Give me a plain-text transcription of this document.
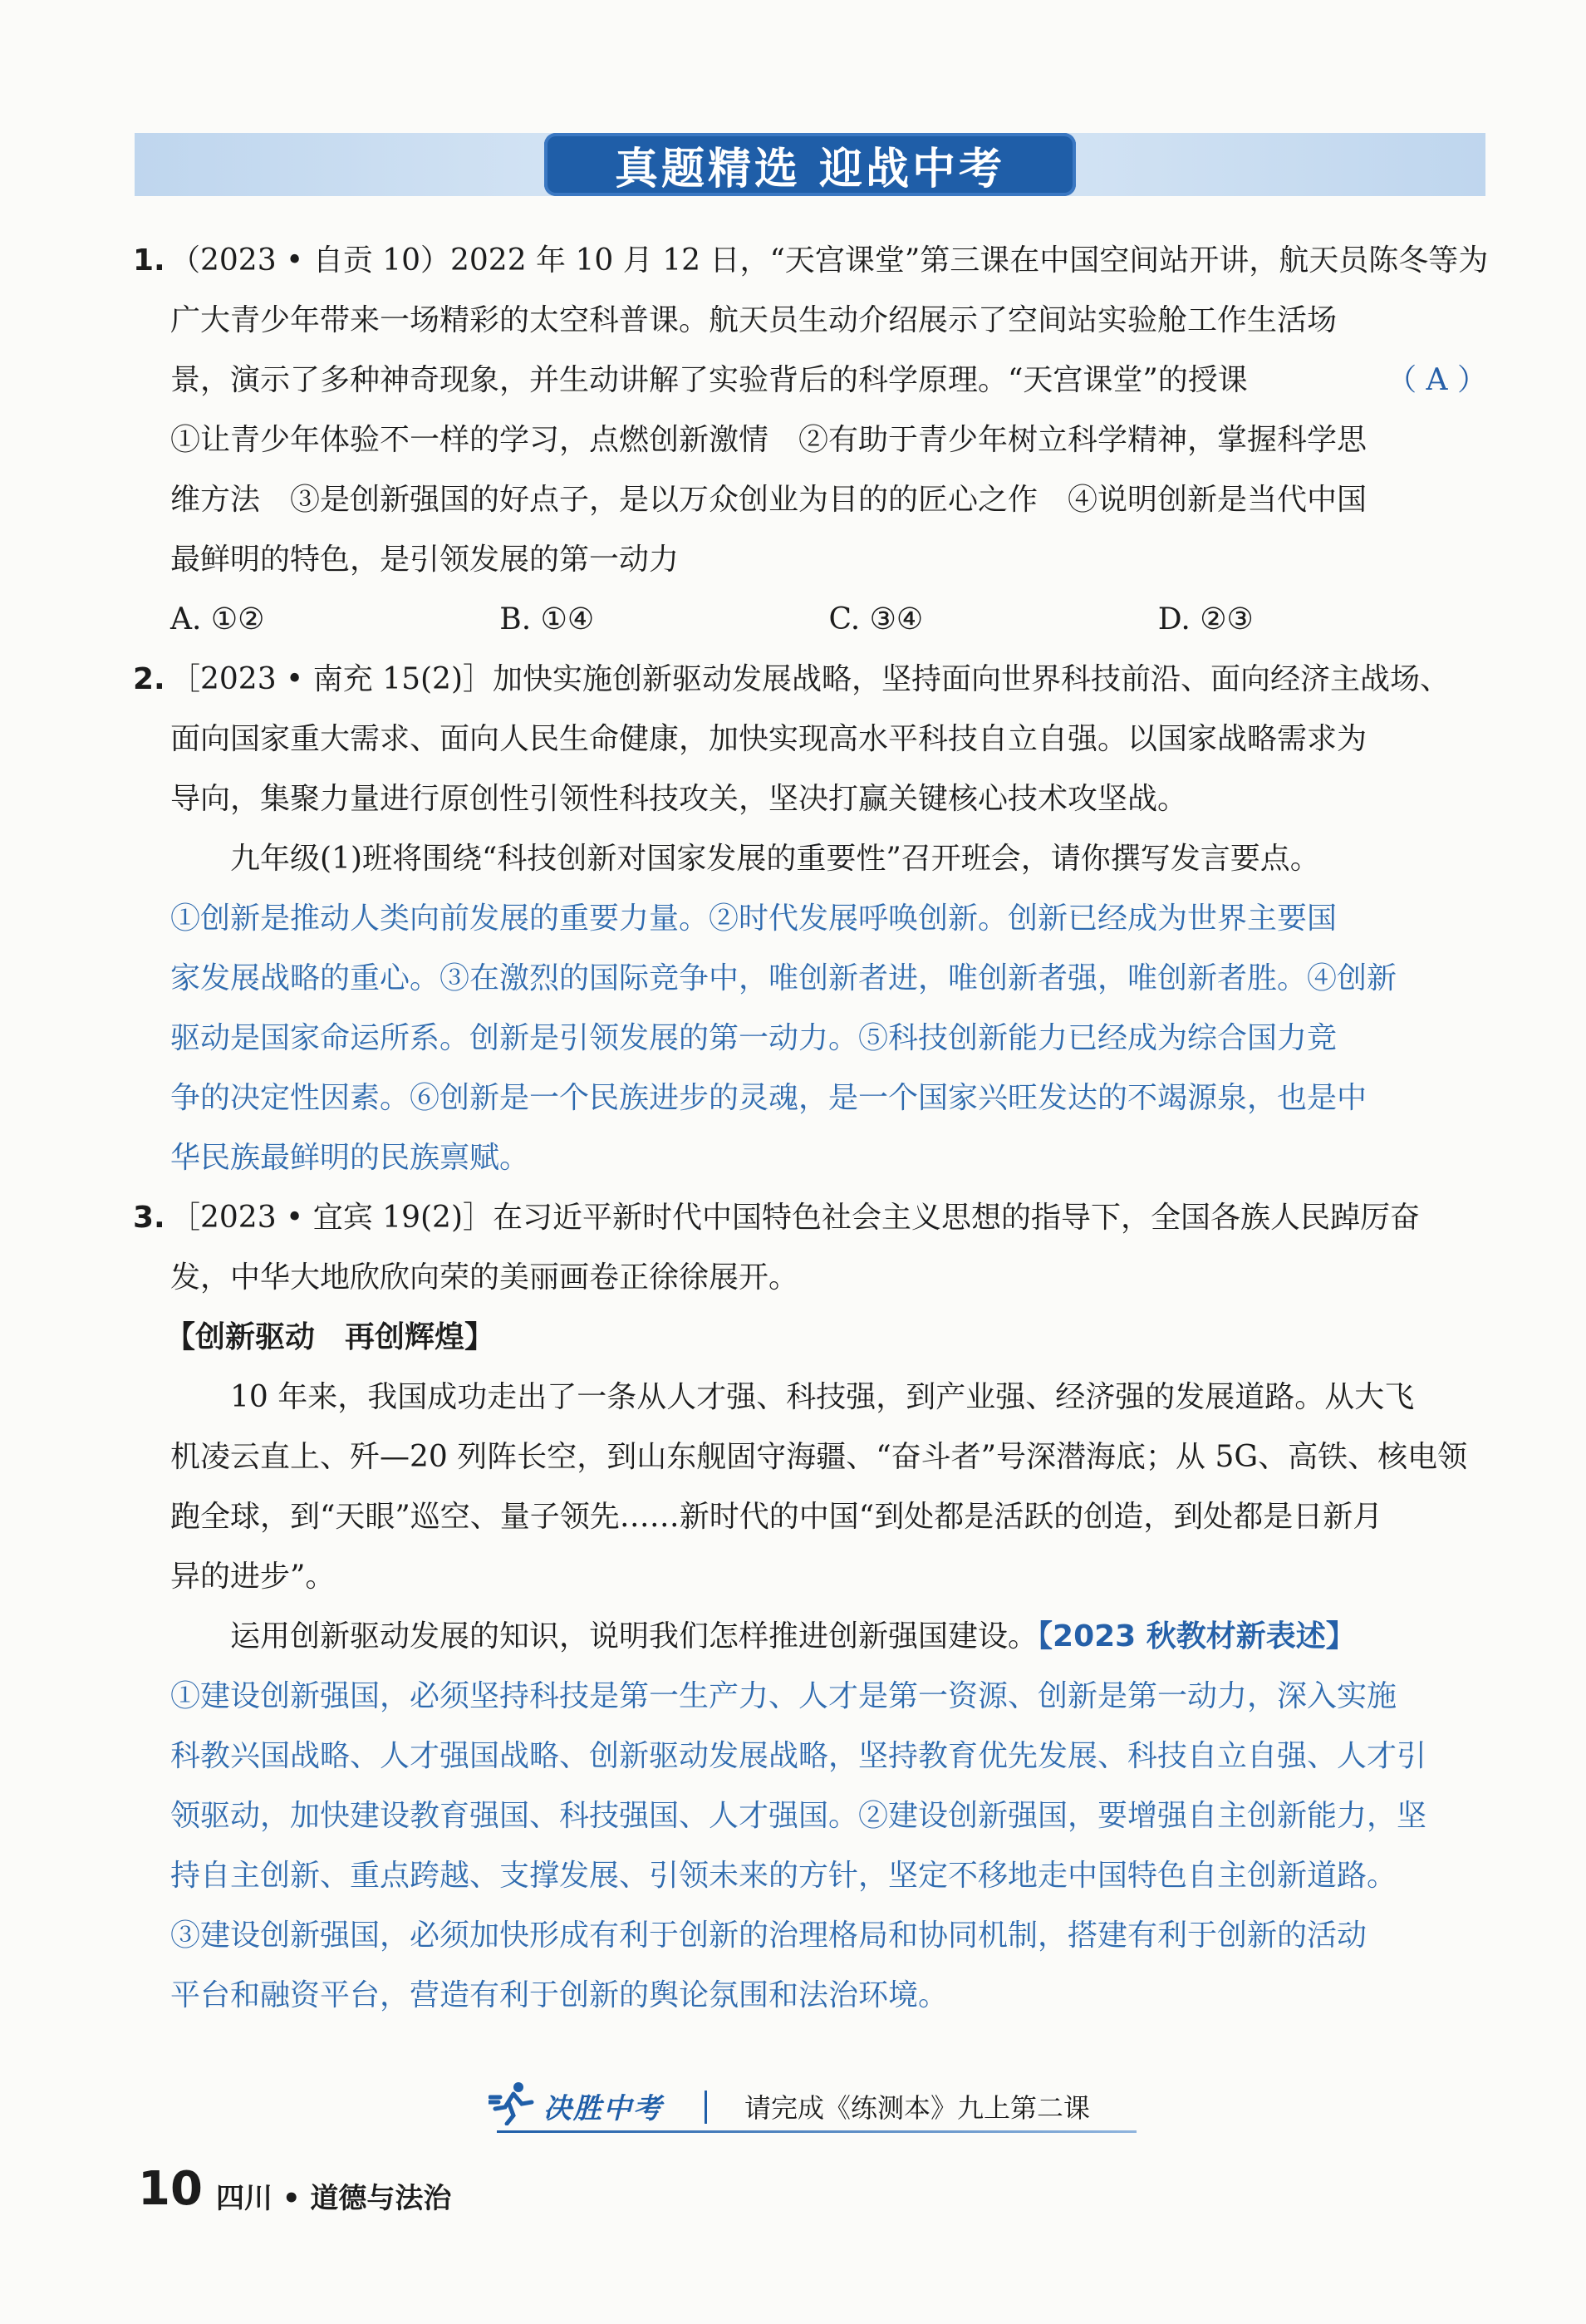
真题精选 迎战中考
1. （2023 • 自贡 10）2022 年 10 月 12 日，“天宫课堂”第三课在中国空间站开讲，航天员陈冬等为
广大青少年带来一场精彩的太空科普课。航天员生动介绍展示了空间站实验舱工作生活场
景，演示了多种神奇现象，并生动讲解了实验背后的科学原理。“天宫课堂”的授课	（ A ）
①让青少年体验不一样的学习，点燃创新激情　②有助于青少年树立科学精神，掌握科学思
维方法　③是创新强国的好点子，是以万众创业为目的的匠心之作　④说明创新是当代中国
最鲜明的特色，是引领发展的第一动力
A. ①②	B. ①④	C. ③④	D. ②③
2. ［2023 • 南充 15(2)］加快实施创新驱动发展战略，坚持面向世界科技前沿、面向经济主战场、
面向国家重大需求、面向人民生命健康，加快实现高水平科技自立自强。以国家战略需求为
导向，集聚力量进行原创性引领性科技攻关，坚决打赢关键核心技术攻坚战。
九年级(1)班将围绕“科技创新对国家发展的重要性”召开班会，请你撰写发言要点。
①创新是推动人类向前发展的重要力量。②时代发展呼唤创新。创新已经成为世界主要国
家发展战略的重心。③在激烈的国际竞争中，唯创新者进，唯创新者强，唯创新者胜。④创新
驱动是国家命运所系。创新是引领发展的第一动力。⑤科技创新能力已经成为综合国力竞
争的决定性因素。⑥创新是一个民族进步的灵魂，是一个国家兴旺发达的不竭源泉，也是中
华民族最鲜明的民族禀赋。
3. ［2023 • 宜宾 19(2)］在习近平新时代中国特色社会主义思想的指导下，全国各族人民踔厉奋
发，中华大地欣欣向荣的美丽画卷正徐徐展开。
【创新驱动　再创辉煌】
10 年来，我国成功走出了一条从人才强、科技强，到产业强、经济强的发展道路。从大飞
机凌云直上、歼—20 列阵长空，到山东舰固守海疆、“奋斗者”号深潜海底；从 5G、高铁、核电领
跑全球，到“天眼”巡空、量子领先……新时代的中国“到处都是活跃的创造，到处都是日新月
异的进步”。
运用创新驱动发展的知识，说明我们怎样推进创新强国建设。【2023 秋教材新表述】
①建设创新强国，必须坚持科技是第一生产力、人才是第一资源、创新是第一动力，深入实施
科教兴国战略、人才强国战略、创新驱动发展战略，坚持教育优先发展、科技自立自强、人才引
领驱动，加快建设教育强国、科技强国、人才强国。②建设创新强国，要增强自主创新能力，坚
持自主创新、重点跨越、支撑发展、引领未来的方针，坚定不移地走中国特色自主创新道路。
③建设创新强国，必须加快形成有利于创新的治理格局和协同机制，搭建有利于创新的活动
平台和融资平台，营造有利于创新的舆论氛围和法治环境。
决胜中考	请完成《练测本》九上第二课
10 四川 • 道德与法治
